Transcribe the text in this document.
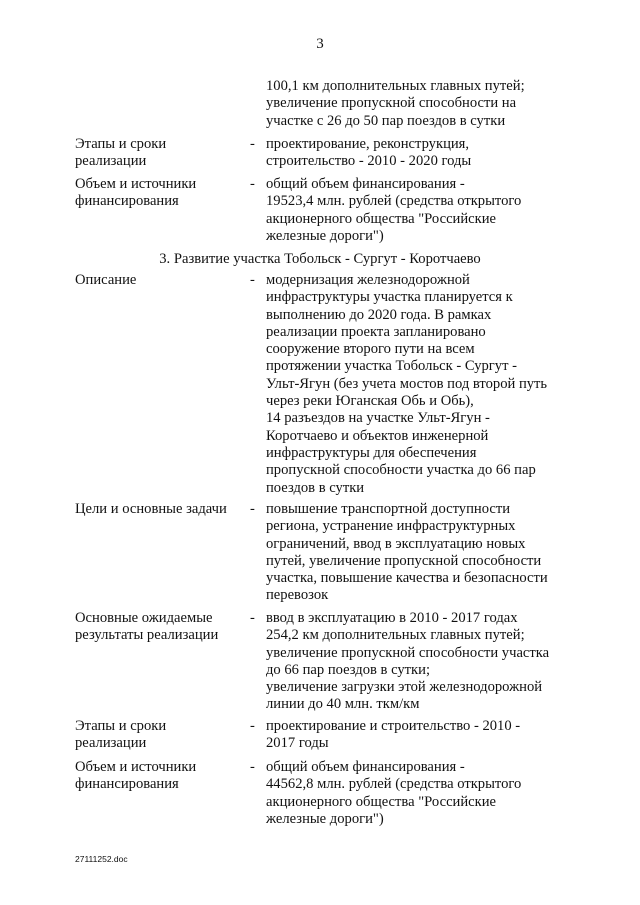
3
100,1 км дополнительных главных путей;
увеличение пропускной способности на
участке с 26 до 50 пар поездов в сутки
Этапы и сроки
реализации
- проектирование, реконструкция,
строительство - 2010 - 2020 годы
Объем и источники
финансирования
- общий объем финансирования -
19523,4 млн. рублей (средства открытого
акционерного общества "Российские
железные дороги")
3. Развитие участка Тобольск - Сургут - Коротчаево
Описание	- модернизация железнодорожной
инфраструктуры участка планируется к
выполнению до 2020 года. В рамках
реализации проекта запланировано
сооружение второго пути на всем
протяжении участка Тобольск - Сургут -
Ульт-Ягун (без учета мостов под второй путь
через реки Юганская Обь и Обь),
14 разъездов на участке Ульт-Ягун -
Коротчаево и объектов инженерной
инфраструктуры для обеспечения
пропускной способности участка до 66 пар
поездов в сутки
Цели и основные задачи - повышение транспортной доступности
региона, устранение инфраструктурных
ограничений, ввод в эксплуатацию новых
путей, увеличение пропускной способности
участка, повышение качества и безопасности
перевозок
Основные ожидаемые
результаты реализации
- ввод в эксплуатацию в 2010 - 2017 годах
254,2 км дополнительных главных путей;
увеличение пропускной способности участка
до 66 пар поездов в сутки;
увеличение загрузки этой железнодорожной
линии до 40 млн. ткм/км
Этапы и сроки
реализации
- проектирование и строительство - 2010 -
2017 годы
Объем и источники
финансирования
- общий объем финансирования -
44562,8 млн. рублей (средства открытого
акционерного общества "Российские
железные дороги")
27111252.doc
